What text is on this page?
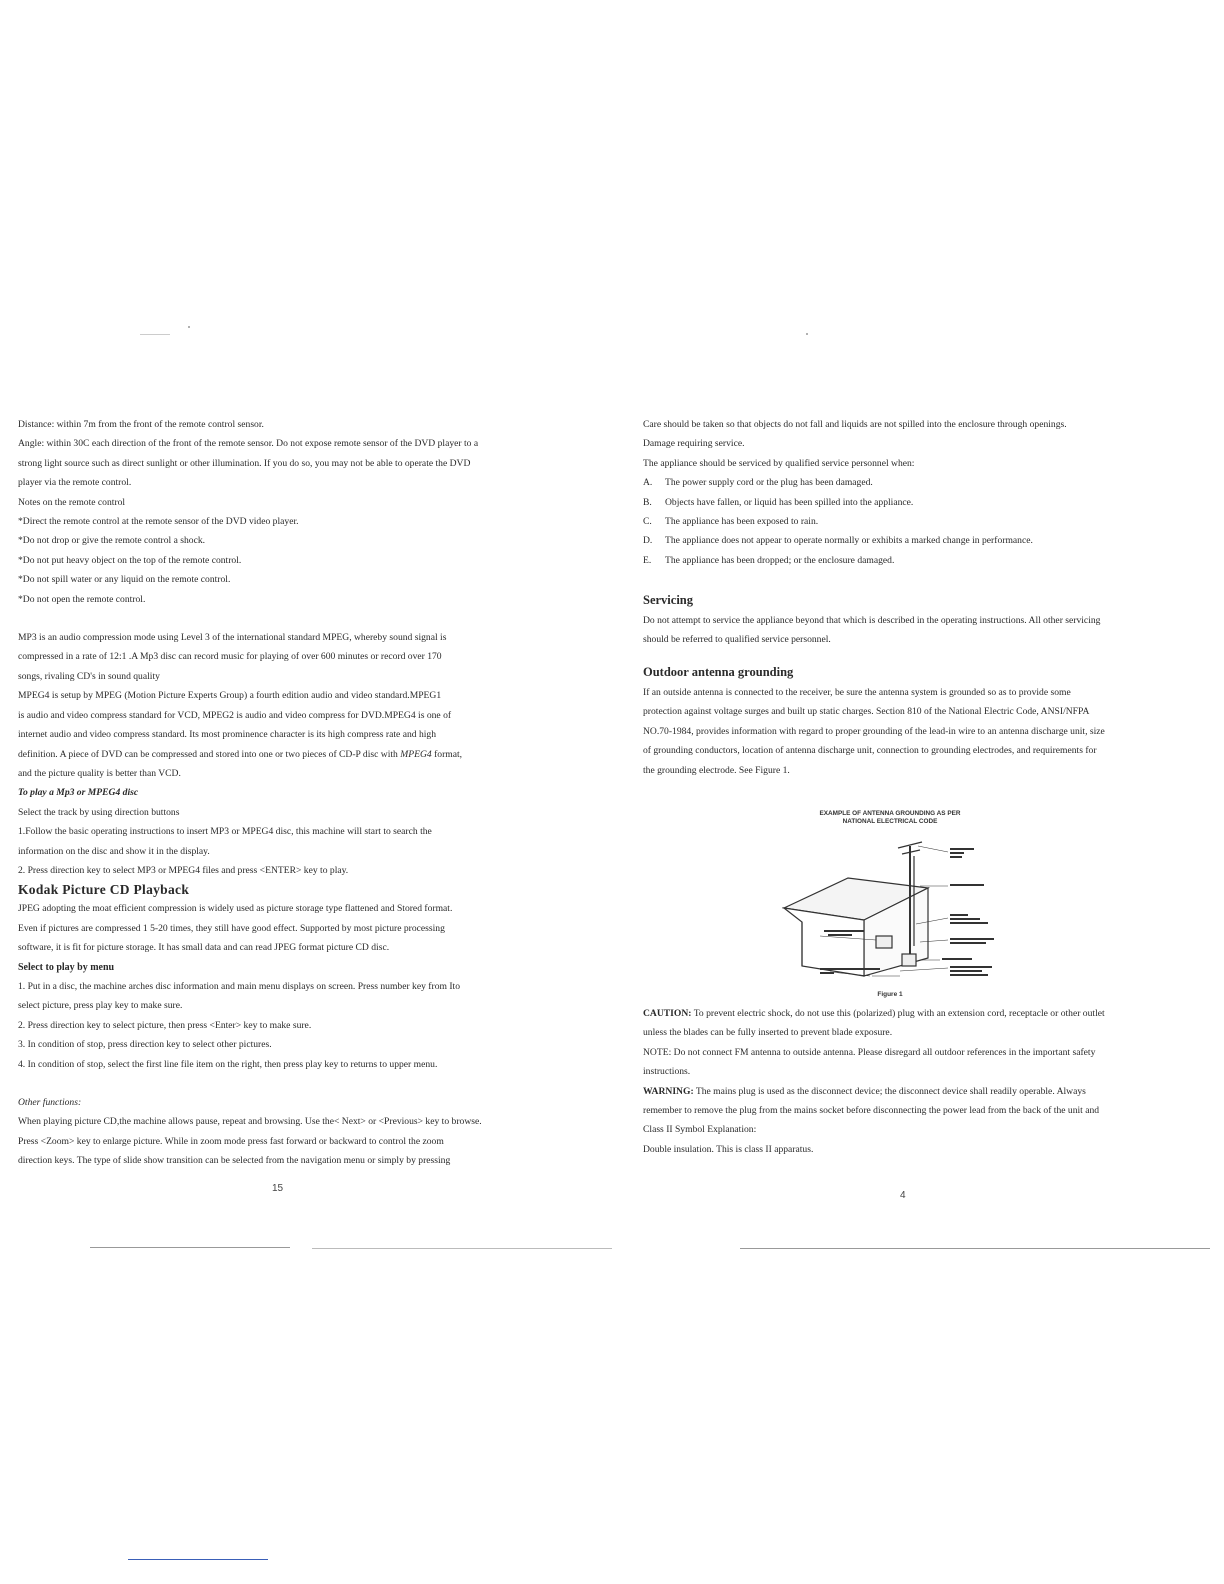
Distance: within 7m from the front of the remote control sensor.

Angle: within 30C each direction of the front of the remote sensor. Do not expose remote sensor of the DVD player to a

strong light source such as direct sunlight or other illumination. If you do so, you may not be able to operate the DVD

player via the remote control.

Notes on the remote control

*Direct the remote control at the remote sensor of the DVD video player.

*Do not drop or give the remote control a shock.

*Do not put heavy object on the top of the remote control.

*Do not spill water or any liquid on the remote control.

*Do not open the remote control.

MP3 is an audio compression mode using Level 3 of the international standard MPEG, whereby sound signal is

compressed in a rate of 12:1 .A Mp3 disc can record music for playing of over 600 minutes or record over 170

songs, rivaling CD's in sound quality

MPEG4 is setup by MPEG (Motion Picture Experts Group) a fourth edition audio and video standard.MPEG1

is audio and video compress standard for VCD, MPEG2 is audio and video compress for DVD.MPEG4 is one of

internet audio and video compress standard. Its most prominence character is its high compress rate and high

definition. A piece of DVD can be compressed and stored into one or two pieces of CD-P disc with MPEG4 format,

and the picture quality is better than VCD.

To play a Mp3 or MPEG4 disc

Select the track by using direction buttons

1.Follow the basic operating instructions to insert MP3 or MPEG4 disc, this machine will start to search the

information on the disc and show it in the display.

2. Press direction key to select MP3 or MPEG4 files and press <ENTER> key to play.

Kodak Picture CD Playback

JPEG adopting the moat efficient compression is widely used as picture storage type flattened and Stored format.

Even if pictures are compressed 1 5-20 times, they still have good effect. Supported by most picture processing

software, it is fit for picture storage. It has small data and can read JPEG format picture CD disc.

Select to play by menu

1. Put in a disc, the machine arches disc information and main menu displays on screen. Press number key from Ito

select picture, press play key to make sure.

2. Press direction key to select picture, then press <Enter> key to make sure.

3. In condition of stop, press direction key to select other pictures.

4. In condition of stop, select the first line file item on the right, then press play key to returns to upper menu.

Other functions:

When playing picture CD,the machine allows pause, repeat and browsing. Use the< Next> or <Previous> key to browse.

Press <Zoom> key to enlarge picture. While in zoom mode press fast forward or backward to control the zoom

direction keys. The type of slide show transition can be selected from the navigation menu or simply by pressing

15

Care should be taken so that objects do not fall and liquids are not spilled into the enclosure through openings.

Damage requiring service.

The appliance should be serviced by qualified service personnel when:

A.	The power supply cord or the plug has been damaged.
B.	Objects have fallen, or liquid has been spilled into the appliance.
C.	The appliance has been exposed to rain.
D.	The appliance does not appear to operate normally or exhibits a marked change in performance.
E.	The appliance has been dropped; or the enclosure damaged.

Servicing

Do not attempt to service the appliance beyond that which is described in the operating instructions. All other servicing

should be referred to qualified service personnel.

Outdoor antenna grounding

If an outside antenna is connected to the receiver, be sure the antenna system is grounded so as to provide some

protection against voltage surges and built up static charges. Section 810 of the National Electric Code, ANSI/NFPA

NO.70-1984, provides information with regard to proper grounding of the lead-in wire to an antenna discharge unit, size

of grounding conductors, location of antenna discharge unit, connection to grounding electrodes, and requirements for

the grounding electrode. See Figure 1.

EXAMPLE OF ANTENNA GROUNDING AS PER

NATIONAL ELECTRICAL CODE

Figure 1

CAUTION: To prevent electric shock, do not use this (polarized) plug with an extension cord, receptacle or other outlet

unless the blades can be fully inserted to prevent blade exposure.

NOTE: Do not connect FM antenna to outside antenna. Please disregard all outdoor references in the important safety

instructions.

WARNING: The mains plug is used as the disconnect device; the disconnect device shall readily operable. Always

remember to remove the plug from the mains socket before disconnecting the power lead from the back of the unit and

Class II Symbol Explanation:

Double insulation. This is class II apparatus.

4
